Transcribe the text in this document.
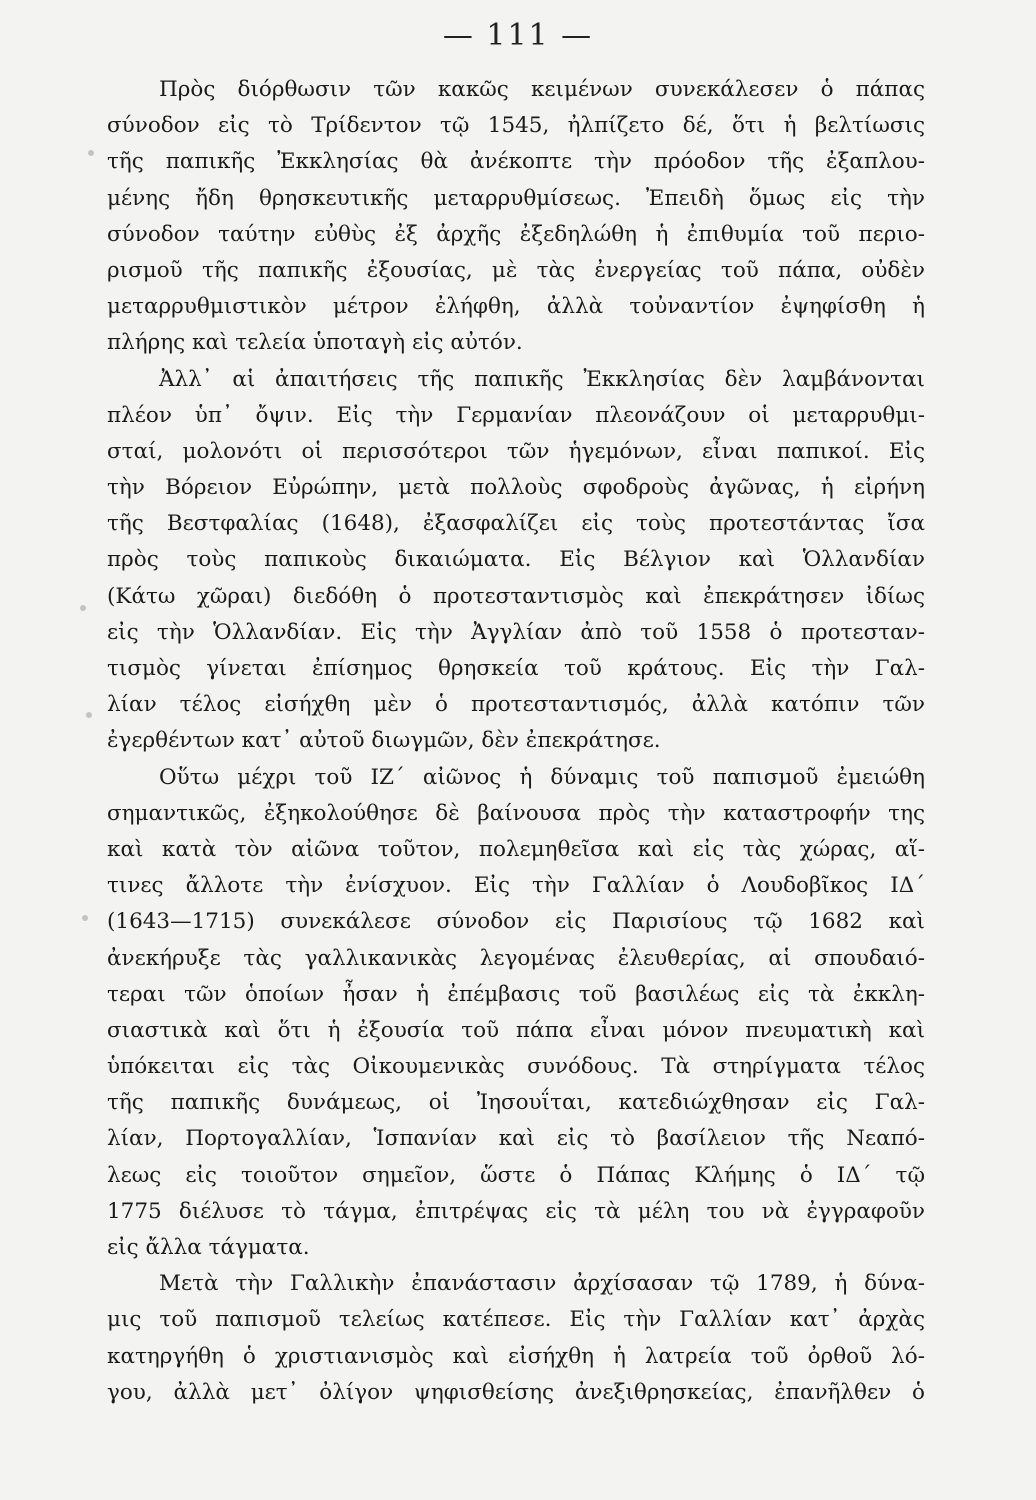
— 111 —
Πρὸς διόρθωσιν τῶν κακῶς κειμένων συνεκάλεσεν ὁ πάπας
σύνοδον εἰς τὸ Τρίδεντον τῷ 1545, ἠλπίζετο δέ, ὅτι ἡ βελτίωσις
τῆς παπικῆς Ἐκκλησίας θὰ ἀνέκοπτε τὴν πρόοδον τῆς ἐξαπλου-
μένης ἤδη θρησκευτικῆς μεταρρυθμίσεως. Ἐπειδὴ ὅμως εἰς τὴν
σύνοδον ταύτην εὐθὺς ἐξ ἀρχῆς ἐξεδηλώθη ἡ ἐπιθυμία τοῦ περιο-
ρισμοῦ τῆς παπικῆς ἐξουσίας, μὲ τὰς ἐνεργείας τοῦ πάπα, οὐδὲν
μεταρρυθμιστικὸν μέτρον ἐλήφθη, ἀλλὰ τοὐναντίον ἐψηφίσθη ἡ
πλήρης καὶ τελεία ὑποταγὴ εἰς αὐτόν.
Ἀλλ᾽ αἱ ἀπαιτήσεις τῆς παπικῆς Ἐκκλησίας δὲν λαμβάνονται
πλέον ὑπ᾽ ὄψιν. Εἰς τὴν Γερμανίαν πλεονάζουν οἱ μεταρρυθμι-
σταί, μολονότι οἱ περισσότεροι τῶν ἡγεμόνων, εἶναι παπικοί. Εἰς
τὴν Βόρειον Εὐρώπην, μετὰ πολλοὺς σφοδροὺς ἀγῶνας, ἡ εἰρήνη
τῆς Βεστφαλίας (1648), ἐξασφαλίζει εἰς τοὺς προτεστάντας ἴσα
πρὸς τοὺς παπικοὺς δικαιώματα. Εἰς Βέλγιον καὶ Ὁλλανδίαν
(Κάτω χῶραι) διεδόθη ὁ προτεσταντισμὸς καὶ ἐπεκράτησεν ἰδίως
εἰς τὴν Ὁλλανδίαν. Εἰς τὴν Ἀγγλίαν ἀπὸ τοῦ 1558 ὁ προτεσταν-
τισμὸς γίνεται ἐπίσημος θρησκεία τοῦ κράτους. Εἰς τὴν Γαλ-
λίαν τέλος εἰσήχθη μὲν ὁ προτεσταντισμός, ἀλλὰ κατόπιν τῶν
ἐγερθέντων κατ᾽ αὐτοῦ διωγμῶν, δὲν ἐπεκράτησε.
Οὕτω μέχρι τοῦ ΙΖ΄ αἰῶνος ἡ δύναμις τοῦ παπισμοῦ ἐμειώθη
σημαντικῶς, ἐξηκολούθησε δὲ βαίνουσα πρὸς τὴν καταστροφήν της
καὶ κατὰ τὸν αἰῶνα τοῦτον, πολεμηθεῖσα καὶ εἰς τὰς χώρας, αἵ-
τινες ἄλλοτε τὴν ἐνίσχυον. Εἰς τὴν Γαλλίαν ὁ Λουδοβῖκος ΙΔ΄
(1643—1715) συνεκάλεσε σύνοδον εἰς Παρισίους τῷ 1682 καὶ
ἀνεκήρυξε τὰς γαλλικανικὰς λεγομένας ἐλευθερίας, αἱ σπουδαιό-
τεραι τῶν ὁποίων ἦσαν ἡ ἐπέμβασις τοῦ βασιλέως εἰς τὰ ἐκκλη-
σιαστικὰ καὶ ὅτι ἡ ἐξουσία τοῦ πάπα εἶναι μόνον πνευματικὴ καὶ
ὑπόκειται εἰς τὰς Οἰκουμενικὰς συνόδους. Τὰ στηρίγματα τέλος
τῆς παπικῆς δυνάμεως, οἱ Ἰησουΐται, κατεδιώχθησαν εἰς Γαλ-
λίαν, Πορτογαλλίαν, Ἱσπανίαν καὶ εἰς τὸ βασίλειον τῆς Νεαπό-
λεως εἰς τοιοῦτον σημεῖον, ὥστε ὁ Πάπας Κλήμης ὁ ΙΔ΄ τῷ
1775 διέλυσε τὸ τάγμα, ἐπιτρέψας εἰς τὰ μέλη του νὰ ἐγγραφοῦν
εἰς ἄλλα τάγματα.
Μετὰ τὴν Γαλλικὴν ἐπανάστασιν ἀρχίσασαν τῷ 1789, ἡ δύνα-
μις τοῦ παπισμοῦ τελείως κατέπεσε. Εἰς τὴν Γαλλίαν κατ᾽ ἀρχὰς
κατηργήθη ὁ χριστιανισμὸς καὶ εἰσήχθη ἡ λατρεία τοῦ ὀρθοῦ λό-
γου, ἀλλὰ μετ᾽ ὀλίγον ψηφισθείσης ἀνεξιθρησκείας, ἐπανῆλθεν ὁ
